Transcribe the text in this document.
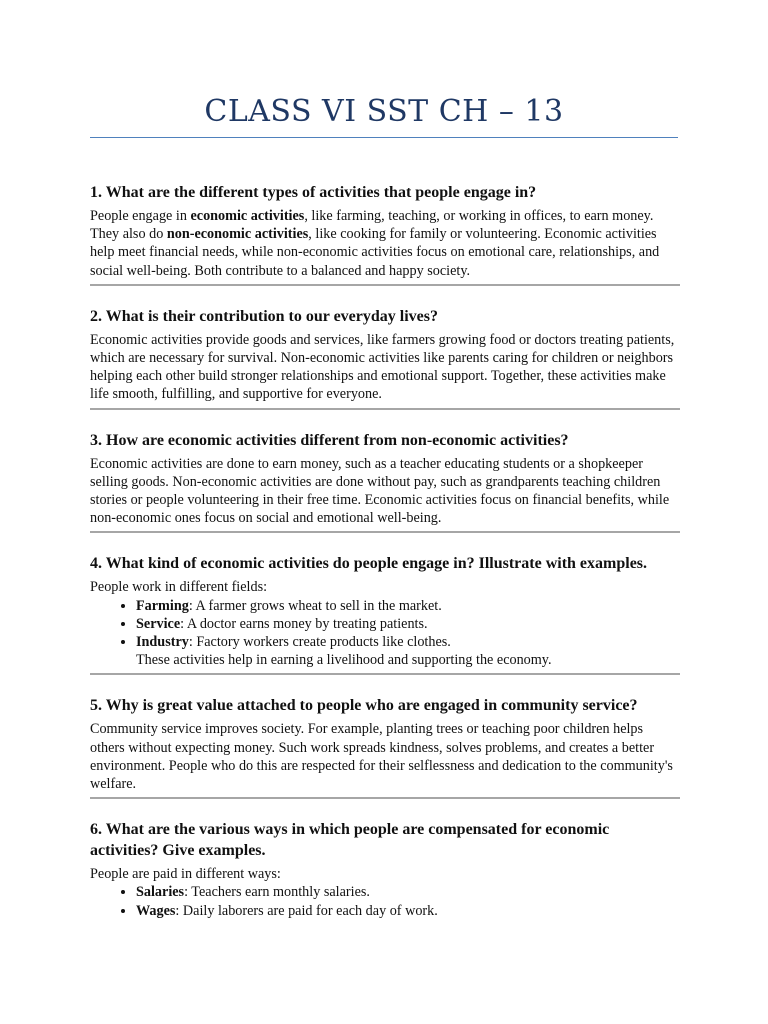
CLASS VI SST CH – 13

1. What are the different types of activities that people engage in?

People engage in economic activities, like farming, teaching, or working in offices, to earn money. They also do non-economic activities, like cooking for family or volunteering. Economic activities help meet financial needs, while non-economic activities focus on emotional care, relationships, and social well-being. Both contribute to a balanced and happy society.

2. What is their contribution to our everyday lives?

Economic activities provide goods and services, like farmers growing food or doctors treating patients, which are necessary for survival. Non-economic activities like parents caring for children or neighbors helping each other build stronger relationships and emotional support. Together, these activities make life smooth, fulfilling, and supportive for everyone.

3. How are economic activities different from non-economic activities?

Economic activities are done to earn money, such as a teacher educating students or a shopkeeper selling goods. Non-economic activities are done without pay, such as grandparents teaching children stories or people volunteering in their free time. Economic activities focus on financial benefits, while non-economic ones focus on social and emotional well-being.

4. What kind of economic activities do people engage in? Illustrate with examples.

People work in different fields:

• Farming: A farmer grows wheat to sell in the market.
• Service: A doctor earns money by treating patients.
• Industry: Factory workers create products like clothes.
These activities help in earning a livelihood and supporting the economy.

5. Why is great value attached to people who are engaged in community service?

Community service improves society. For example, planting trees or teaching poor children helps others without expecting money. Such work spreads kindness, solves problems, and creates a better environment. People who do this are respected for their selflessness and dedication to the community's welfare.

6. What are the various ways in which people are compensated for economic activities? Give examples.

People are paid in different ways:

• Salaries: Teachers earn monthly salaries.
• Wages: Daily laborers are paid for each day of work.
